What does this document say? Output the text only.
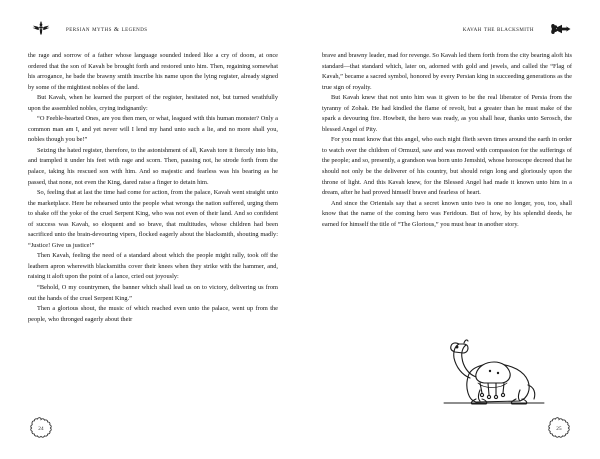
persian myths & legends

the rage and sorrow of a father whose language sounded indeed like a cry of doom, at once ordered that the son of Kavah be brought forth and restored unto him. Then, regaining somewhat his arrogance, he bade the brawny smith inscribe his name upon the lying register, already signed by some of the mightiest nobles of the land.

But Kavah, when he learned the purport of the register, hesitated not, but turned wrathfully upon the assembled nobles, crying indignantly:

“O Feeble-hearted Ones, are you then men, or what, leagued with this human monster? Only a common man am I, and yet never will I lend my hand unto such a lie, and no more shall you, nobles though you be!”

Seizing the hated register, therefore, to the astonishment of all, Kavah tore it fiercely into bits, and trampled it under his feet with rage and scorn. Then, pausing not, he strode forth from the palace, taking his rescued son with him. And so majestic and fearless was his bearing as he passed, that none, not even the King, dared raise a finger to detain him.

So, feeling that at last the time had come for action, from the palace, Kavah went straight unto the marketplace. Here he rehearsed unto the people what wrongs the nation suffered, urging them to shake off the yoke of the cruel Serpent King, who was not even of their land. And so confident of success was Kavah, so eloquent and so brave, that multitudes, whose children had been sacrificed unto the brain-devouring vipers, flocked eagerly about the blacksmith, shouting madly: “Justice! Give us justice!”

Then Kavah, feeling the need of a standard about which the people might rally, took off the leathern apron wherewith blacksmiths cover their knees when they strike with the hammer, and, raising it aloft upon the point of a lance, cried out joyously:

“Behold, O my countrymen, the banner which shall lead us on to victory, delivering us from out the hands of the cruel Serpent King.”

Then a glorious shout, the music of which reached even unto the palace, went up from the people, who thronged eagerly about their

24
kavah the blacksmith

brave and brawny leader, mad for revenge. So Kavah led them forth from the city bearing aloft his standard—that standard which, later on, adorned with gold and jewels, and called the “Flag of Kavah,” became a sacred symbol, honored by every Persian king in succeeding generations as the true sign of royalty.

But Kavah knew that not unto him was it given to be the real liberator of Persia from the tyranny of Zohak. He had kindled the flame of revolt, but a greater than he must make of the spark a devouring fire. Howbeit, the hero was ready, as you shall hear, thanks unto Serosch, the blessed Angel of Pity.

For you must know that this angel, who each night flieth seven times around the earth in order to watch over the children of Ormuzd, saw and was moved with compassion for the sufferings of the people; and so, presently, a grandson was born unto Jemshid, whose horoscope decreed that he should not only be the deliverer of his country, but should reign long and gloriously upon the throne of light. And this Kavah knew, for the Blessed Angel had made it known unto him in a dream, after he had proved himself brave and fearless of heart.

And since the Orientals say that a secret known unto two is one no longer, you, too, shall know that the name of the coming hero was Feridoun. But of how, by his splendid deeds, he earned for himself the title of “The Glorious,” you must hear in another story.

25
